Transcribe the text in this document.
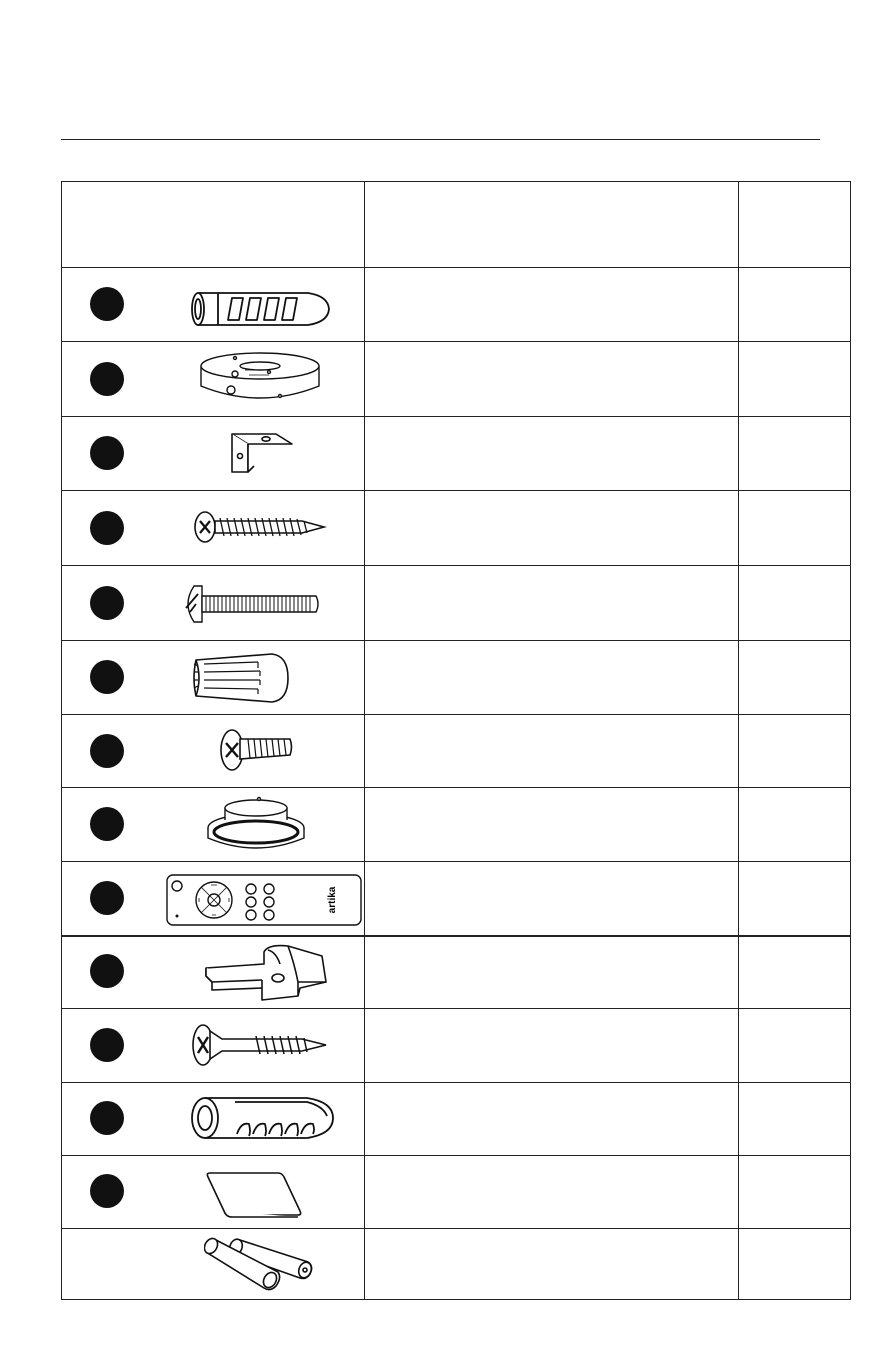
artika
